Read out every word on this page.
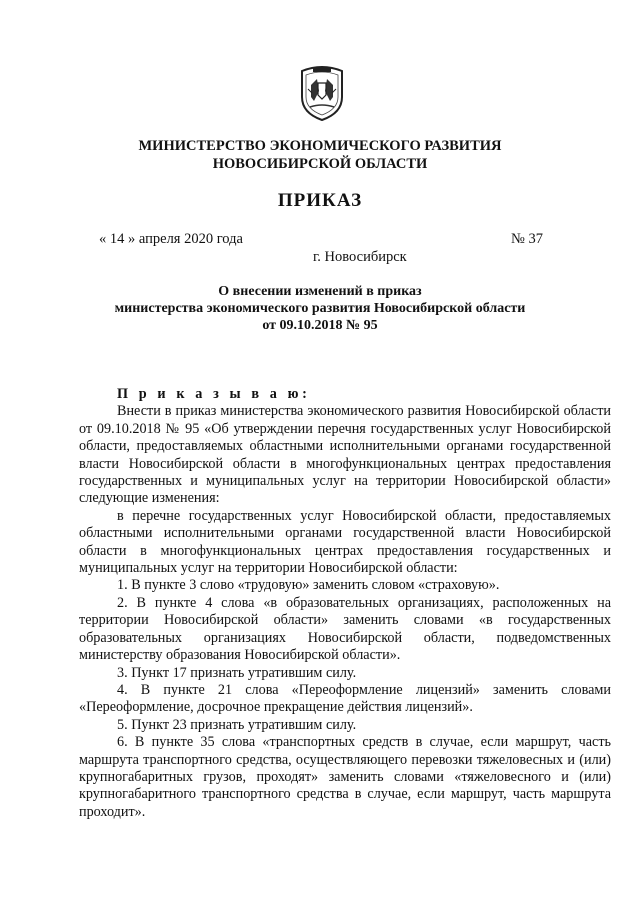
МИНИСТЕРСТВО ЭКОНОМИЧЕСКОГО РАЗВИТИЯ
НОВОСИБИРСКОЙ ОБЛАСТИ
ПРИКАЗ
« 14 » апреля 2020 года	№ 37
г. Новосибирск
О внесении изменений в приказ
министерства экономического развития Новосибирской области
от 09.10.2018 № 95

П р и к а з ы в а ю:

Внести в приказ министерства экономического развития Новосибирской области от 09.10.2018 № 95 «Об утверждении перечня государственных услуг Новосибирской области, предоставляемых областными исполнительными органами государственной власти Новосибирской области в многофункциональных центрах предоставления государственных и муниципальных услуг на территории Новосибирской области» следующие изменения:

в перечне государственных услуг Новосибирской области, предоставляемых областными исполнительными органами государственной власти Новосибирской области в многофункциональных центрах предоставления государственных и муниципальных услуг на территории Новосибирской области:

1. В пункте 3 слово «трудовую» заменить словом «страховую».

2. В пункте 4 слова «в образовательных организациях, расположенных на территории Новосибирской области» заменить словами «в государственных образовательных организациях Новосибирской области, подведомственных министерству образования Новосибирской области».

3. Пункт 17 признать утратившим силу.

4. В пункте 21 слова «Переоформление лицензий» заменить словами «Переоформление, досрочное прекращение действия лицензий».

5. Пункт 23 признать утратившим силу.

6. В пункте 35 слова «транспортных средств в случае, если маршрут, часть маршрута транспортного средства, осуществляющего перевозки тяжеловесных и (или) крупногабаритных грузов, проходят» заменить словами «тяжеловесного и (или) крупногабаритного транспортного средства в случае, если маршрут, часть маршрута проходит».
